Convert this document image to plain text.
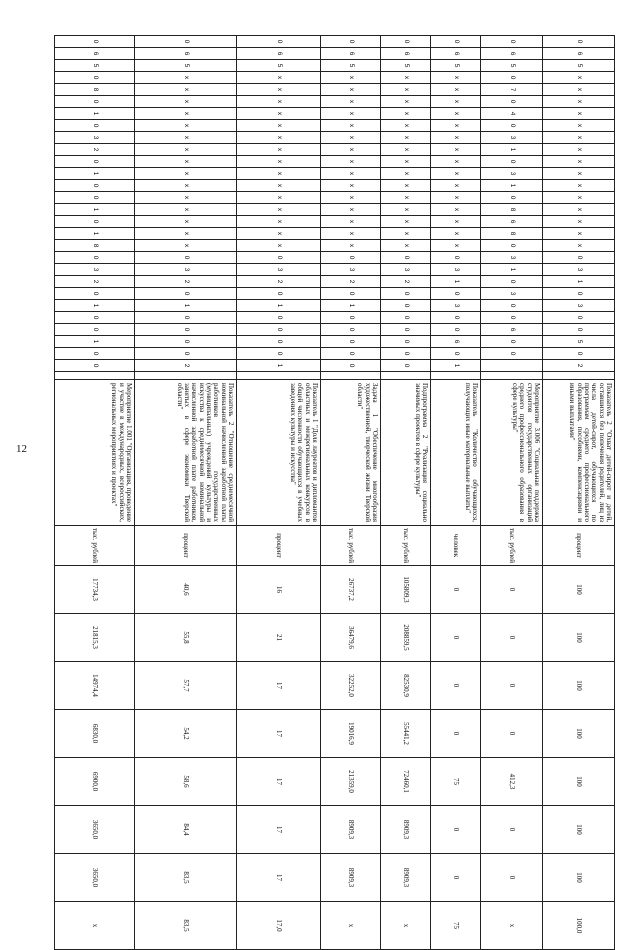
12
0	6	5	x	x	x	x	x	x	x	x	x	x	x	x	x	x	x	0	3	1	0	3	0	0	5	0	2		Показатель 2 "Охват детей-сирот и детей, оставшихся без попечения родителей, лиц из числа детей-сирот, обучающихся по программам среднего профессионального образования, пособиями, компенсациями и иными выплатами"	процент	100	100	100	100	100	100	100	100,0
0	6	5	0	7	0	4	0	3	1	0	3	1	0	8	6	8	0	3	1	0	3	0	0	6	0	0			Мероприятие 3.006 "Социальная поддержка студентов государственных организаций среднего профессионального образования в сфере культуры"	тыс. рублей	0	0	0	0	412,3	0	0	x
0	6	5	x	x	x	x	x	x	x	x	x	x	x	x	x	x	x	0	3	1	0	3	0	0	6	0	1		Показатель "Количество обучающихся, получающих иные материальные выплаты"	человек	0	0	0	0	75	0	0	75
0	6	5	x	x	x	x	x	x	x	x	x	x	x	x	x	x	x	0	3	2	0	0	0	0	0	0	0		Подпрограмма 2 "Реализация социально значимых проектов в сфере культуры"	тыс. рублей	105809,3	208859,5	82530,9	55441,2	72460,1	8909,3	8909,3	x
0	6	5	x	x	x	x	x	x	x	x	x	x	x	x	x	x	x	0	3	2	0	1	0	0	0	0	0		Задача 1 "Обеспечение многообразия художественной, творческой жизни Тверской области"	тыс. рублей	26737,2	36479,6	32252,0	19016,9	21359,0	8909,3	8909,3	x
0	6	5	x	x	x	x	x	x	x	x	x	x	x	x	x	x	x	0	3	2	0	1	0	0	0	0	1		Показатель 1 "Доля лауреатов и дипломантов областных и межрегиональных конкурсов в общей численности обучающихся в учебных заведениях культуры и искусства"	процент	16	21	17	17	17	17	17	17,0
0	6	5	x	x	x	x	x	x	x	x	x	x	x	x	x	x	x	0	3	2	0	1	0	0	0	0	2		Показатель 2 "Отношение среднемесячной номинальной начисленной заработной платы работников государственных (муниципальных) учреждений культуры и искусства к среднемесячной номинальной начисленной заработной плате работников, занятых в сфере экономики Тверской области"	процент	40,6	55,8	57,7	54,2	58,6	84,4	83,5	83,5
0	6	5	0	8	0	1	0	3	2	0	1	0	0	1	0	1	8	0	3	2	0	1	0	0	1	0	0		Мероприятие 1.001 "Организация, проведение и участие в международных, всероссийских, региональных мероприятиях и проектах"	тыс. рублей	17734,3	21815,3	14974,4	6830,0	6900,0	3650,0	3650,0	x
